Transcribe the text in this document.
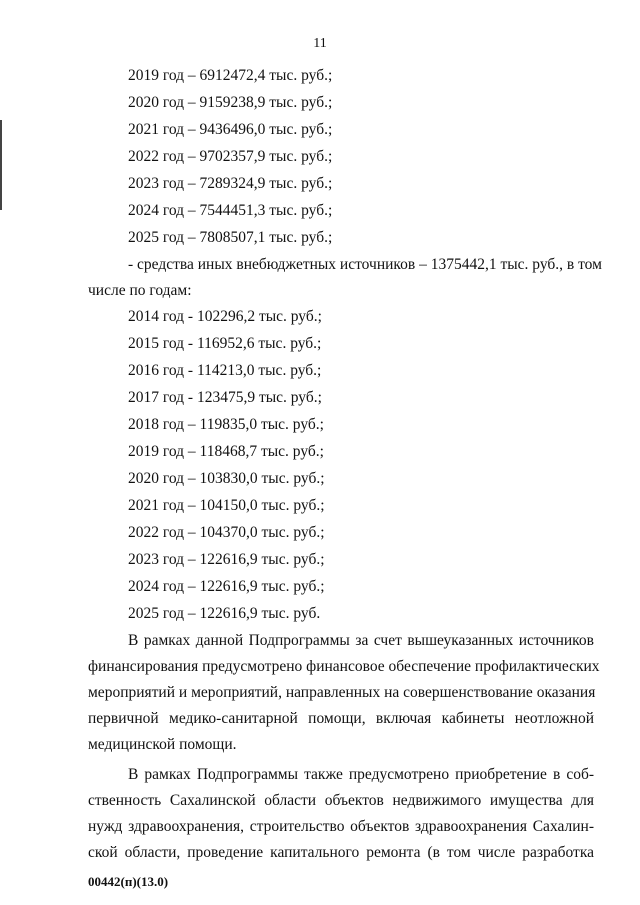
11
2019 год – 6912472,4 тыс. руб.;
2020 год – 9159238,9 тыс. руб.;
2021 год – 9436496,0 тыс. руб.;
2022 год – 9702357,9 тыс. руб.;
2023 год – 7289324,9 тыс. руб.;
2024 год – 7544451,3 тыс. руб.;
2025 год – 7808507,1 тыс. руб.;
- средства иных внебюджетных источников – 1375442,1 тыс. руб., в том
числе по годам:
2014 год - 102296,2 тыс. руб.;
2015 год - 116952,6 тыс. руб.;
2016 год - 114213,0 тыс. руб.;
2017 год - 123475,9 тыс. руб.;
2018 год – 119835,0 тыс. руб.;
2019 год – 118468,7 тыс. руб.;
2020 год – 103830,0 тыс. руб.;
2021 год – 104150,0 тыс. руб.;
2022 год – 104370,0 тыс. руб.;
2023 год – 122616,9 тыс. руб.;
2024 год – 122616,9 тыс. руб.;
2025 год – 122616,9 тыс. руб.
В рамках данной Подпрограммы за счет вышеуказанных источников
финансирования предусмотрено финансовое обеспечение профилактических
мероприятий и мероприятий, направленных на совершенствование оказания
первичной медико-санитарной помощи, включая кабинеты неотложной
медицинской помощи.
В рамках Подпрограммы также предусмотрено приобретение в соб-
ственность Сахалинской области объектов недвижимого имущества для
нужд здравоохранения, строительство объектов здравоохранения Сахалин-
ской области, проведение капитального ремонта (в том числе разработка
00442(п)(13.0)
